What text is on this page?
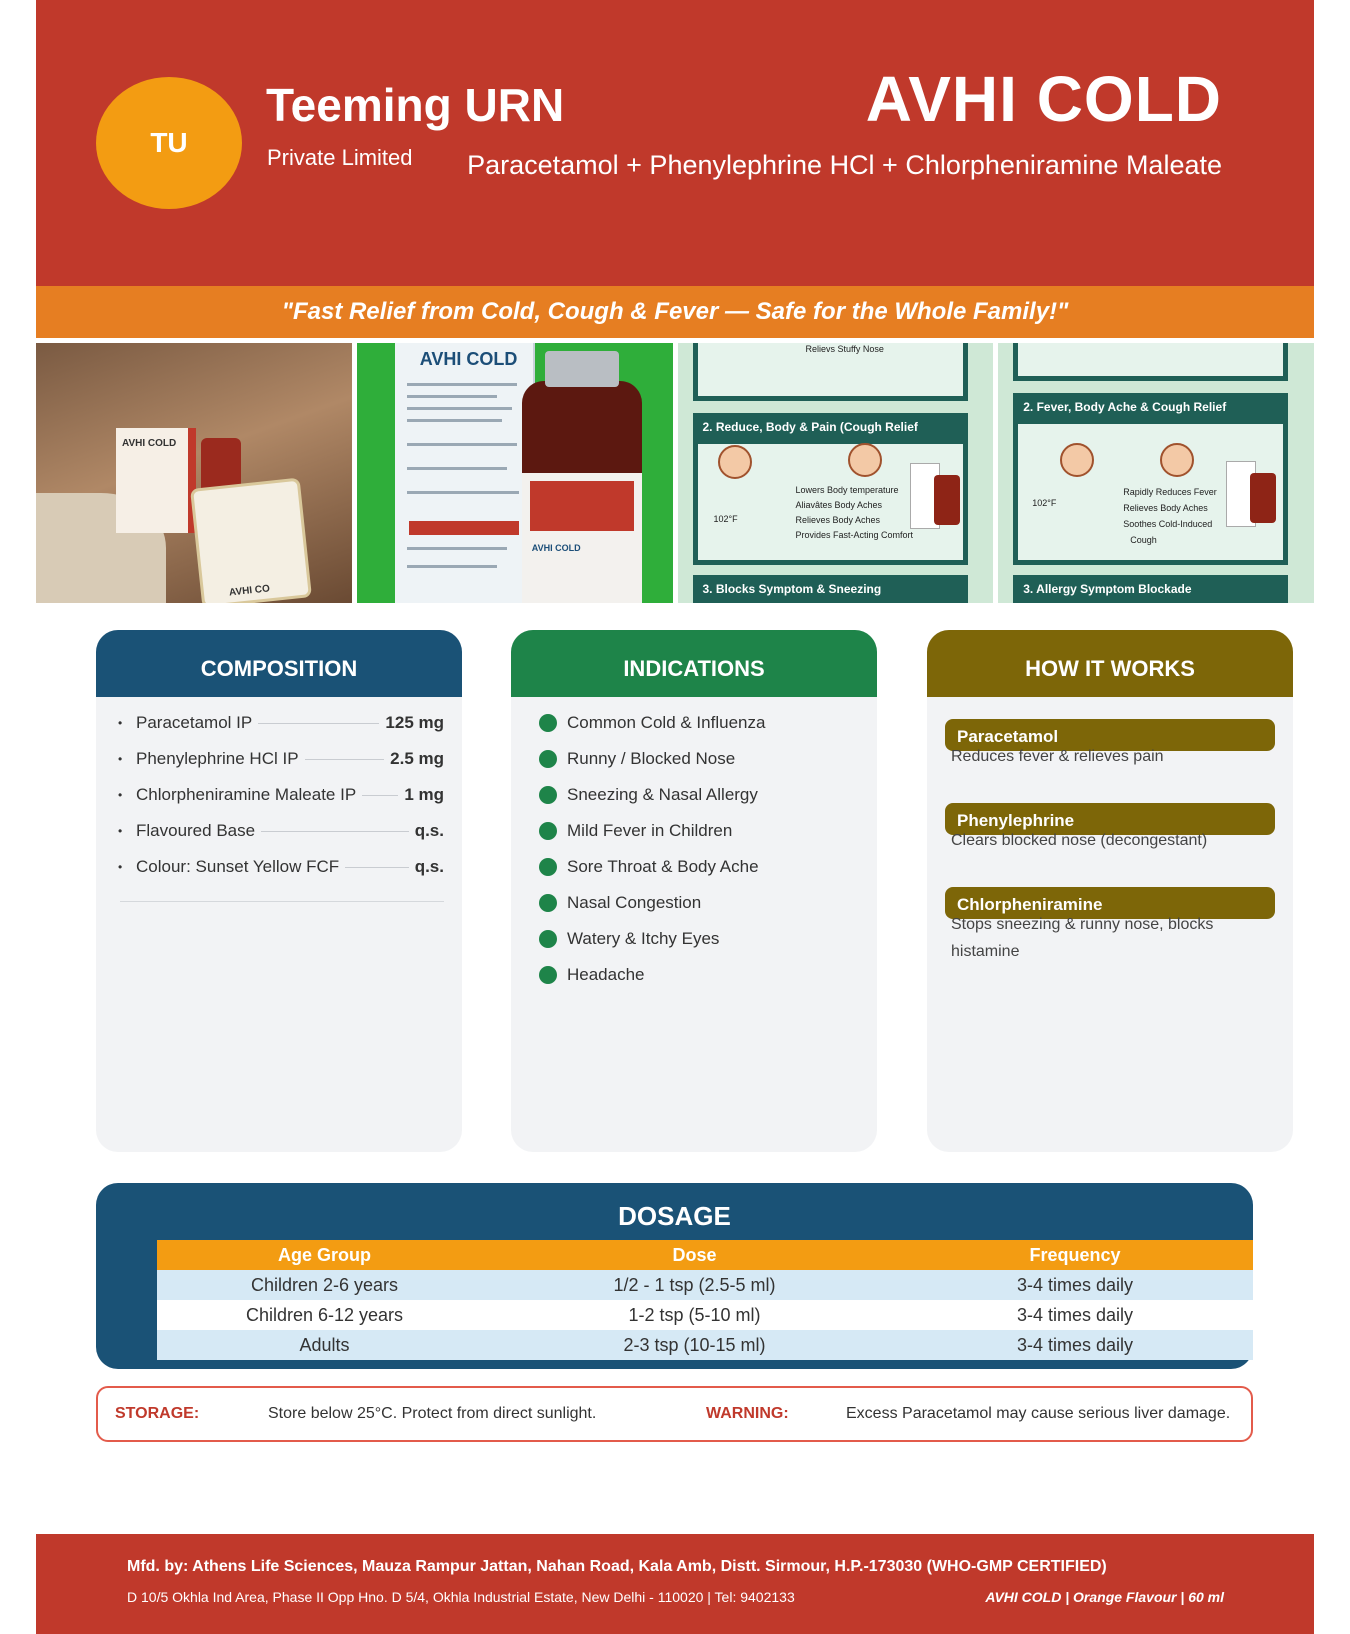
TU
Teeming URN
Private Limited
AVHI COLD
Paracetamol + Phenylephrine HCl + Chlorpheniramine Maleate
"Fast Relief from Cold, Cough & Fever — Safe for the Whole Family!"
AVHI COLD
AVHI CO
AVHI COLD
AVHI COLD
Relievs Stuffy Nose
2. Reduce, Body & Pain (Cough Relief
102°F
Lowers Body temperature
Aliavâtes Body Aches
Relieves Body Aches
Provides Fast-Acting Comfort
3. Blocks Symptom & Sneezing
2. Fever, Body Ache & Cough Relief
102°F
Rapidly Reduces Fever
Relieves Body Aches
Soothes Cold-Induced
Cough
3. Allergy Symptom Blockade
COMPOSITION
• Paracetamol IP	125 mg
• Phenylephrine HCl IP	2.5 mg
• Chlorpheniramine Maleate IP	1 mg
• Flavoured Base	q.s.
• Colour: Sunset Yellow FCF	q.s.
INDICATIONS
Common Cold & Influenza
Runny / Blocked Nose
Sneezing & Nasal Allergy
Mild Fever in Children
Sore Throat & Body Ache
Nasal Congestion
Watery & Itchy Eyes
Headache
HOW IT WORKS
Paracetamol
Reduces fever & relieves pain
Phenylephrine
Clears blocked nose (decongestant)
Chlorpheniramine
Stops sneezing & runny nose, blocks histamine
DOSAGE
Age Group	Dose	Frequency
Children 2-6 years	1/2 - 1 tsp (2.5-5 ml)	3-4 times daily
Children 6-12 years	1-2 tsp (5-10 ml)	3-4 times daily
Adults	2-3 tsp (10-15 ml)	3-4 times daily
STORAGE:	Store below 25°C. Protect from direct sunlight.	WARNING:	Excess Paracetamol may cause serious liver damage.
Mfd. by: Athens Life Sciences, Mauza Rampur Jattan, Nahan Road, Kala Amb, Distt. Sirmour, H.P.-173030 (WHO-GMP CERTIFIED)
D 10/5 Okhla Ind Area, Phase II Opp Hno. D 5/4, Okhla Industrial Estate, New Delhi - 110020 | Tel: 9402133	AVHI COLD | Orange Flavour | 60 ml
